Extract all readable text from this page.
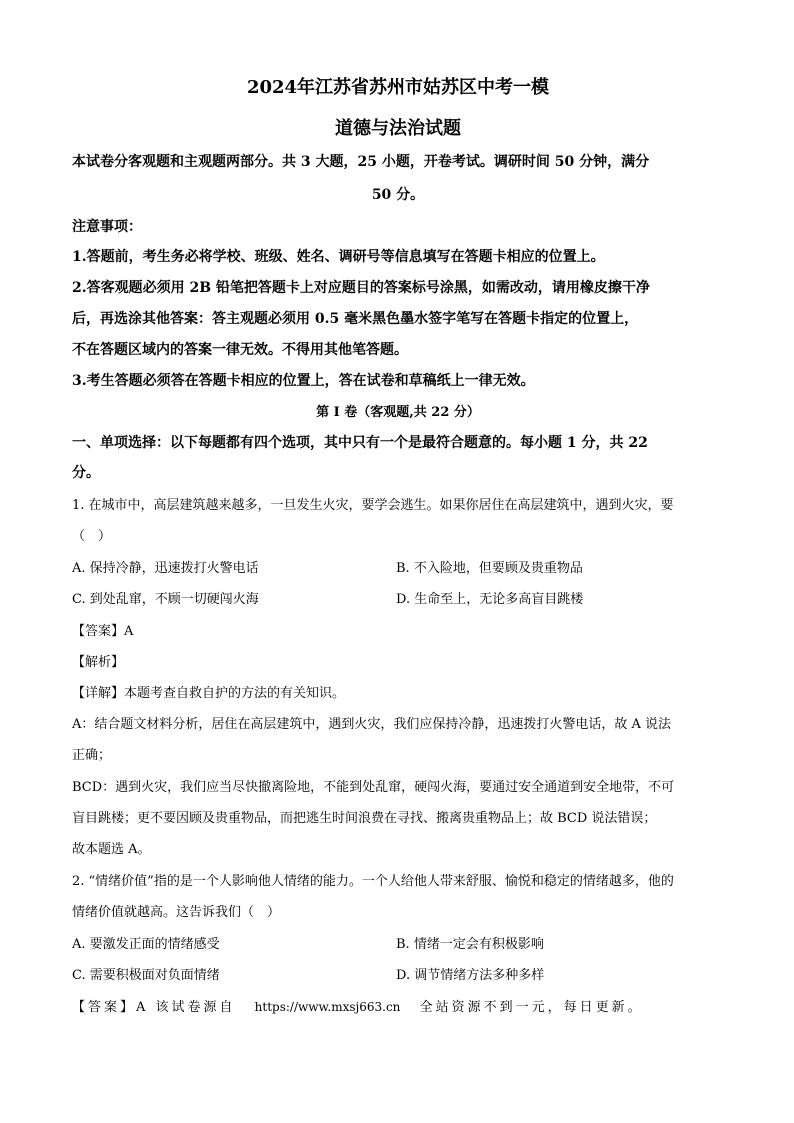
2024年江苏省苏州市姑苏区中考一模
道德与法治试题
本试卷分客观题和主观题两部分。共 3 大题，25 小题，开卷考试。调研时间 50 分钟，满分
50 分。
注意事项：
1.答题前，考生务必将学校、班级、姓名、调研号等信息填写在答题卡相应的位置上。
2.答客观题必须用 2B 铅笔把答题卡上对应题目的答案标号涂黑，如需改动，请用橡皮擦干净
后，再选涂其他答案：答主观题必须用 0.5 毫米黑色墨水签字笔写在答题卡指定的位置上，
不在答题区域内的答案一律无效。不得用其他笔答题。
3.考生答题必须答在答题卡相应的位置上，答在试卷和草稿纸上一律无效。
第 I 卷（客观题,共 22 分）
一、单项选择：以下每题都有四个选项，其中只有一个是最符合题意的。每小题 1 分，共 22
分。
1. 在城市中，高层建筑越来越多，一旦发生火灾，要学会逃生。如果你居住在高层建筑中，遇到火灾，要
（　）
A. 保持冷静，迅速拨打火警电话	B. 不入险地，但要顾及贵重物品
C. 到处乱窜，不顾一切硬闯火海	D. 生命至上，无论多高盲目跳楼
【答案】A
【解析】
【详解】本题考查自救自护的方法的有关知识。
A：结合题文材料分析，居住在高层建筑中，遇到火灾，我们应保持冷静，迅速拨打火警电话，故 A 说法
正确；
BCD：遇到火灾，我们应当尽快撤离险地，不能到处乱窜，硬闯火海，要通过安全通道到安全地带，不可
盲目跳楼；更不要因顾及贵重物品，而把逃生时间浪费在寻找、搬离贵重物品上；故 BCD 说法错误；
故本题选 A。
2. “情绪价值”指的是一个人影响他人情绪的能力。一个人给他人带来舒服、愉悦和稳定的情绪越多，他的
情绪价值就越高。这告诉我们（　）
A. 要激发正面的情绪感受	B. 情绪一定会有积极影响
C. 需要积极面对负面情绪	D. 调节情绪方法多种多样
【答案】A 该试卷源自 https://www.mxsj663.cn 全站资源不到一元，每日更新。
